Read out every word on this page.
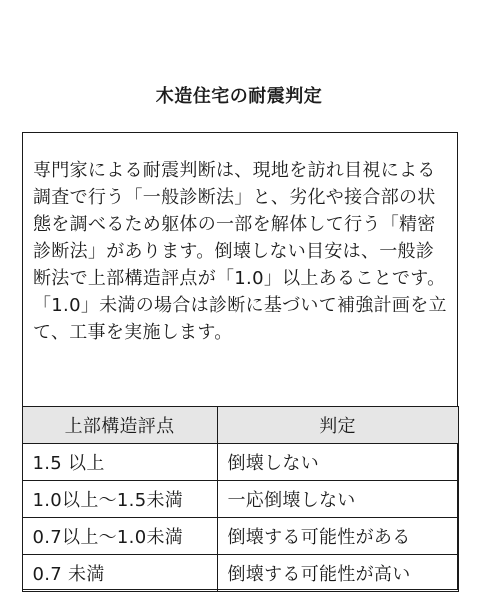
木造住宅の耐震判定
専門家による耐震判断は、現地を訪れ目視による調査で行う「一般診断法」と、劣化や接合部の状態を調べるため躯体の一部を解体して行う「精密診断法」があります。倒壊しない目安は、一般診断法で上部構造評点が「1.0」以上あることです。「1.0」未満の場合は診断に基づいて補強計画を立て、工事を実施します。
上部構造評点	判定
1.5 以上	倒壊しない
1.0以上～1.5未満	一応倒壊しない
0.7以上～1.0未満	倒壊する可能性がある
0.7 未満	倒壊する可能性が高い
